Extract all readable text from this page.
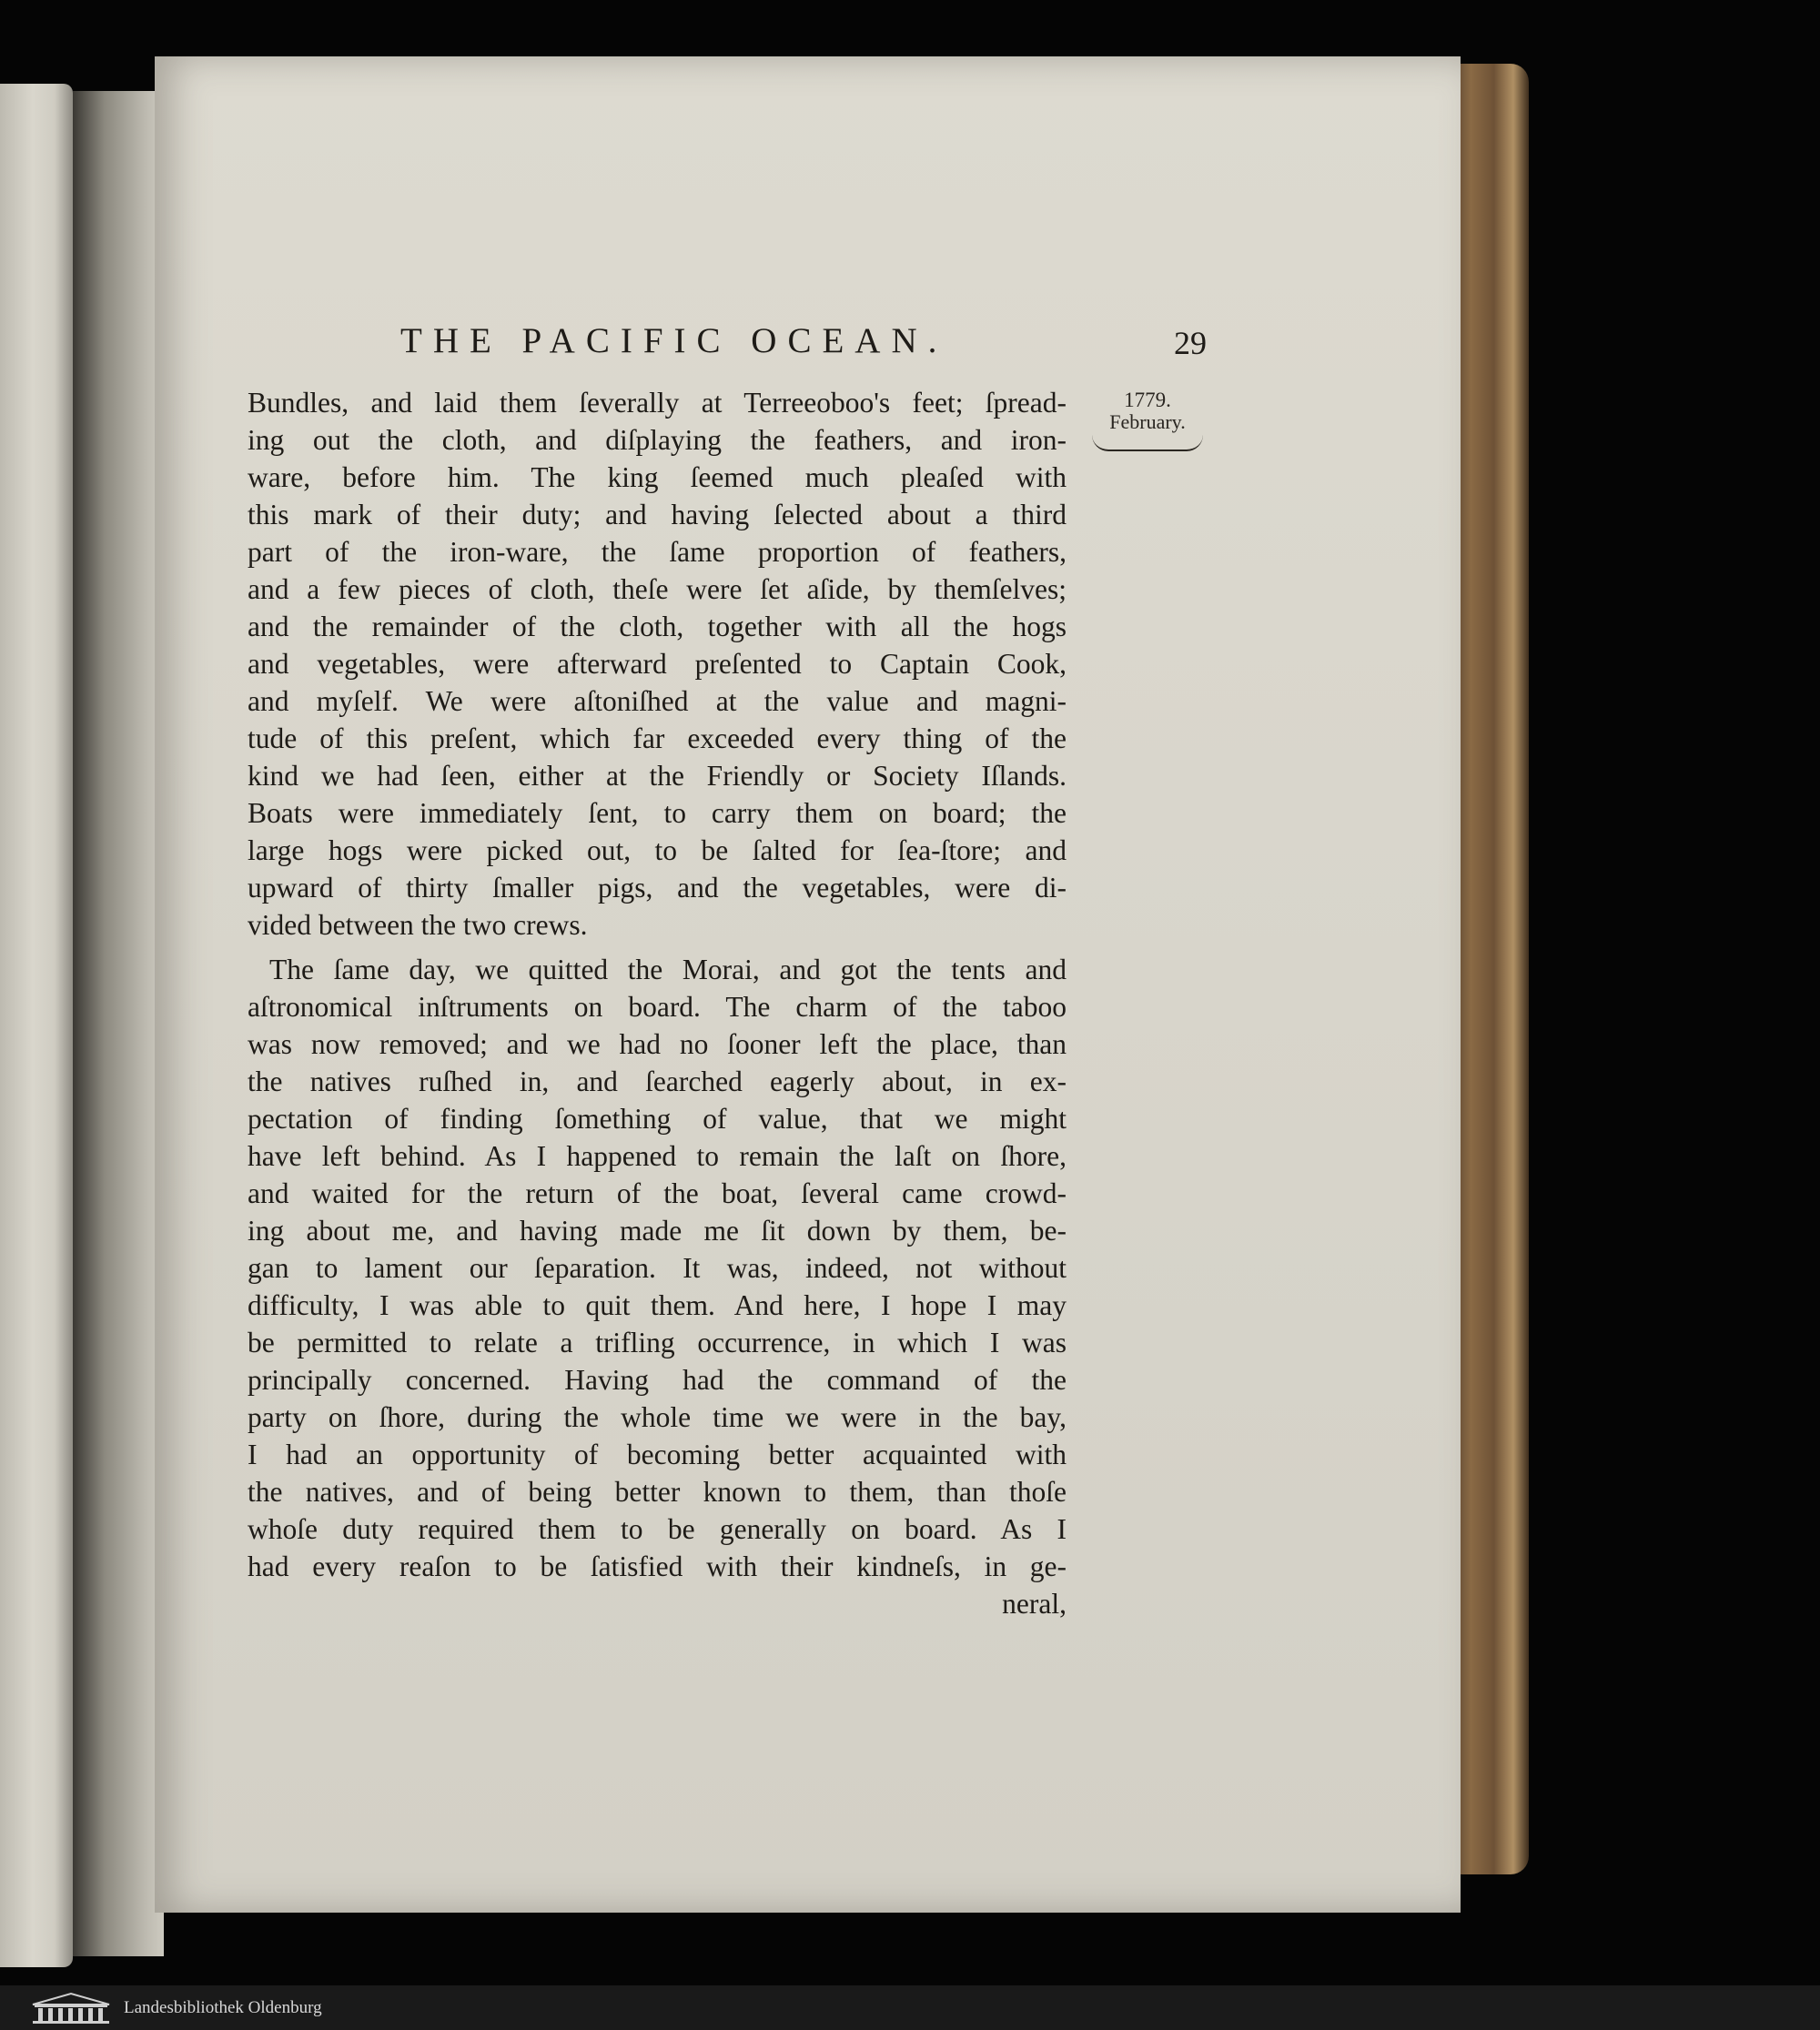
THE PACIFIC OCEAN.	29
1779.
February.
Bundles, and laid them ſeverally at Terreeoboo's feet; ſpread-
ing out the cloth, and diſplaying the feathers, and iron-
ware, before him. The king ſeemed much pleaſed with
this mark of their duty; and having ſelected about a third
part of the iron-ware, the ſame proportion of feathers,
and a few pieces of cloth, theſe were ſet aſide, by themſelves;
and the remainder of the cloth, together with all the hogs
and vegetables, were afterward preſented to Captain Cook,
and myſelf. We were aſtoniſhed at the value and magni-
tude of this preſent, which far exceeded every thing of the
kind we had ſeen, either at the Friendly or Society Iſlands.
Boats were immediately ſent, to carry them on board; the
large hogs were picked out, to be ſalted for ſea-ſtore; and
upward of thirty ſmaller pigs, and the vegetables, were di-
vided between the two crews.
The ſame day, we quitted the Morai, and got the tents and
aſtronomical inſtruments on board. The charm of the taboo
was now removed; and we had no ſooner left the place, than
the natives ruſhed in, and ſearched eagerly about, in ex-
pectation of finding ſomething of value, that we might
have left behind. As I happened to remain the laſt on ſhore,
and waited for the return of the boat, ſeveral came crowd-
ing about me, and having made me ſit down by them, be-
gan to lament our ſeparation. It was, indeed, not without
difficulty, I was able to quit them. And here, I hope I may
be permitted to relate a trifling occurrence, in which I was
principally concerned. Having had the command of the
party on ſhore, during the whole time we were in the bay,
I had an opportunity of becoming better acquainted with
the natives, and of being better known to them, than thoſe
whoſe duty required them to be generally on board. As I
had every reaſon to be ſatisfied with their kindneſs, in ge-
neral,
Landesbibliothek Oldenburg
